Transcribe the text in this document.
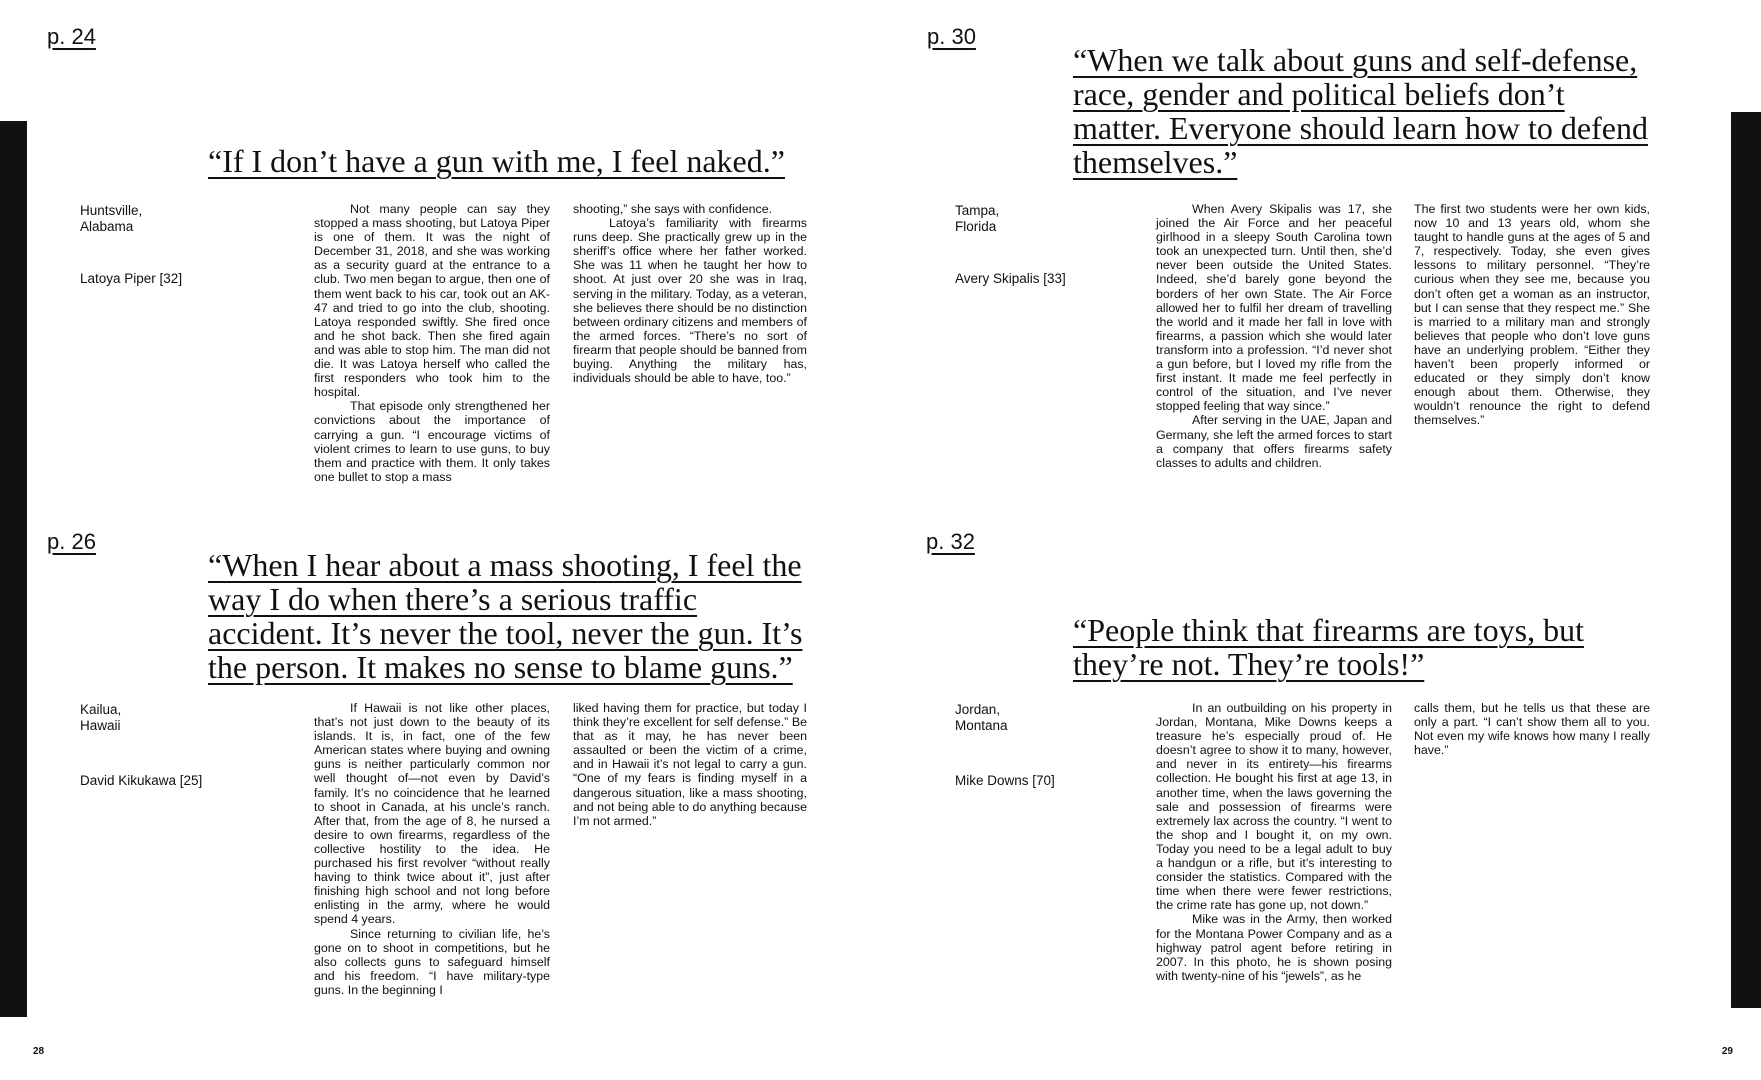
p. 24

“If I don’t have a gun with me, I feel naked.”

Huntsville,
Alabama

Latoya Piper [32]

Not many people can say they stopped a mass shooting, but Latoya Piper is one of them. It was the night of December 31, 2018, and she was working as a security guard at the entrance to a club. Two men began to argue, then one of them went back to his car, took out an AK-47 and tried to go into the club, shooting. Latoya responded swiftly. She fired once and he shot back. Then she fired again and was able to stop him. The man did not die. It was Latoya herself who called the first responders who took him to the hospital.

That episode only strengthened her convictions about the importance of carrying a gun. “I encourage victims of violent crimes to learn to use guns, to buy them and practice with them. It only takes one bullet to stop a mass

shooting,” she says with confidence.

Latoya’s familiarity with firearms runs deep. She practically grew up in the sheriff’s office where her father worked. She was 11 when he taught her how to shoot. At just over 20 she was in Iraq, serving in the military. Today, as a veteran, she believes there should be no distinction between ordinary citizens and members of the armed forces. “There’s no sort of firearm that people should be banned from buying. Anything the military has, individuals should be able to have, too.”

p. 30

“When we talk about guns and self-defense, race, gender and political beliefs don’t matter. Everyone should learn how to defend themselves.”

Tampa,
Florida

Avery Skipalis [33]

When Avery Skipalis was 17, she joined the Air Force and her peaceful girlhood in a sleepy South Carolina town took an unexpected turn. Until then, she’d never been outside the United States. Indeed, she’d barely gone beyond the borders of her own State. The Air Force allowed her to fulfil her dream of travelling the world and it made her fall in love with firearms, a passion which she would later transform into a profession. “I’d never shot a gun before, but I loved my rifle from the first instant. It made me feel perfectly in control of the situation, and I’ve never stopped feeling that way since.”

After serving in the UAE, Japan and Germany, she left the armed forces to start a company that offers firearms safety classes to adults and children.

The first two students were her own kids, now 10 and 13 years old, whom she taught to handle guns at the ages of 5 and 7, respectively. Today, she even gives lessons to military personnel. “They’re curious when they see me, because you don’t often get a woman as an instructor, but I can sense that they respect me.” She is married to a military man and strongly believes that people who don’t love guns have an underlying problem. “Either they haven’t been properly informed or educated or they simply don’t know enough about them. Otherwise, they wouldn’t renounce the right to defend themselves.”

p. 26

“When I hear about a mass shooting, I feel the way I do when there’s a serious traffic accident. It’s never the tool, never the gun. It’s the person. It makes no sense to blame guns.”

Kailua,
Hawaii

David Kikukawa [25]

If Hawaii is not like other places, that’s not just down to the beauty of its islands. It is, in fact, one of the few American states where buying and owning guns is neither particularly common nor well thought of—not even by David’s family. It’s no coincidence that he learned to shoot in Canada, at his uncle’s ranch. After that, from the age of 8, he nursed a desire to own firearms, regardless of the collective hostility to the idea. He purchased his first revolver “without really having to think twice about it”, just after finishing high school and not long before enlisting in the army, where he would spend 4 years.

Since returning to civilian life, he’s gone on to shoot in competitions, but he also collects guns to safeguard himself and his freedom. “I have military-type guns. In the beginning I

liked having them for practice, but today I think they’re excellent for self defense.” Be that as it may, he has never been assaulted or been the victim of a crime, and in Hawaii it’s not legal to carry a gun. “One of my fears is finding myself in a dangerous situation, like a mass shooting, and not being able to do anything because I’m not armed.”

p. 32

“People think that firearms are toys, but they’re not. They’re tools!”

Jordan,
Montana

Mike Downs [70]

In an outbuilding on his property in Jordan, Montana, Mike Downs keeps a treasure he’s especially proud of. He doesn’t agree to show it to many, however, and never in its entirety—his firearms collection. He bought his first at age 13, in another time, when the laws governing the sale and possession of firearms were extremely lax across the country. “I went to the shop and I bought it, on my own. Today you need to be a legal adult to buy a handgun or a rifle, but it’s interesting to consider the statistics. Compared with the time when there were fewer restrictions, the crime rate has gone up, not down.”

Mike was in the Army, then worked for the Montana Power Company and as a highway patrol agent before retiring in 2007. In this photo, he is shown posing with twenty-nine of his “jewels”, as he

calls them, but he tells us that these are only a part. “I can’t show them all to you. Not even my wife knows how many I really have.”

28	29
